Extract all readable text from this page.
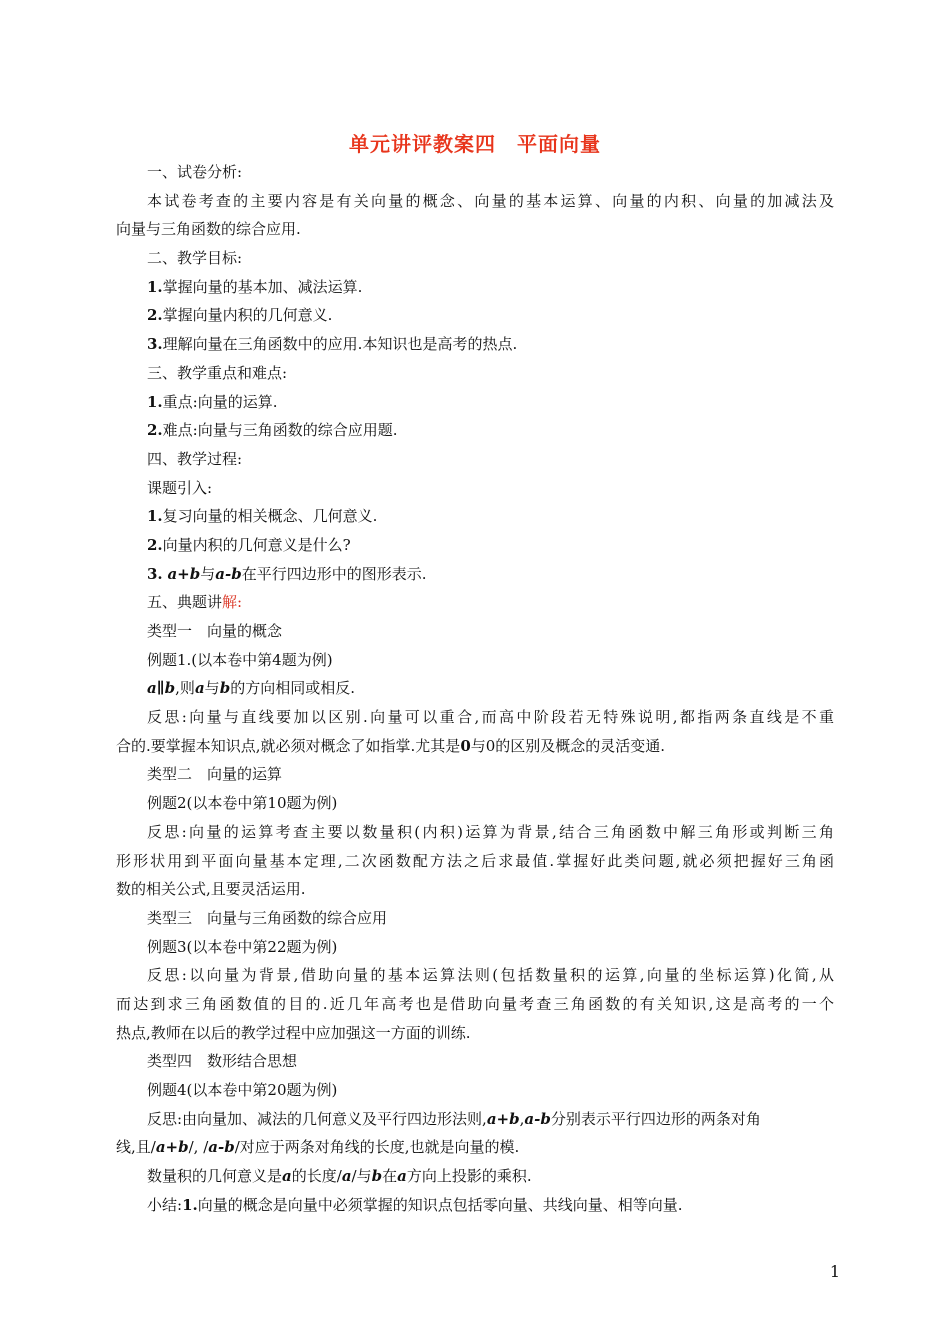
单元讲评教案四　平面向量
一、试卷分析:
本试卷考查的主要内容是有关向量的概念、向量的基本运算、向量的内积、向量的加减法及
向量与三角函数的综合应用.
二、教学目标:
1.掌握向量的基本加、减法运算.
2.掌握向量内积的几何意义.
3.理解向量在三角函数中的应用.本知识也是高考的热点.
三、教学重点和难点:
1.重点:向量的运算.
2.难点:向量与三角函数的综合应用题.
四、教学过程:
课题引入:
1.复习向量的相关概念、几何意义.
2.向量内积的几何意义是什么?
3. a+b与a-b在平行四边形中的图形表示.
五、典题讲解:
类型一　向量的概念
例题1.(以本卷中第4题为例)
a∥b,则a与b的方向相同或相反.
反思:向量与直线要加以区别.向量可以重合,而高中阶段若无特殊说明,都指两条直线是不重
合的.要掌握本知识点,就必须对概念了如指掌.尤其是0与0的区别及概念的灵活变通.
类型二　向量的运算
例题2(以本卷中第10题为例)
反思:向量的运算考查主要以数量积(内积)运算为背景,结合三角函数中解三角形或判断三角
形形状用到平面向量基本定理,二次函数配方法之后求最值.掌握好此类问题,就必须把握好三角函
数的相关公式,且要灵活运用.
类型三　向量与三角函数的综合应用
例题3(以本卷中第22题为例)
反思:以向量为背景,借助向量的基本运算法则(包括数量积的运算,向量的坐标运算)化简,从
而达到求三角函数值的目的.近几年高考也是借助向量考查三角函数的有关知识,这是高考的一个
热点,教师在以后的教学过程中应加强这一方面的训练.
类型四　数形结合思想
例题4(以本卷中第20题为例)
反思:由向量加、减法的几何意义及平行四边形法则,a+b,a-b分别表示平行四边形的两条对角
线,且/a+b/, /a-b/对应于两条对角线的长度,也就是向量的模.
数量积的几何意义是a的长度/a/与b在a方向上投影的乘积.
小结:1.向量的概念是向量中必须掌握的知识点包括零向量、共线向量、相等向量.
1
